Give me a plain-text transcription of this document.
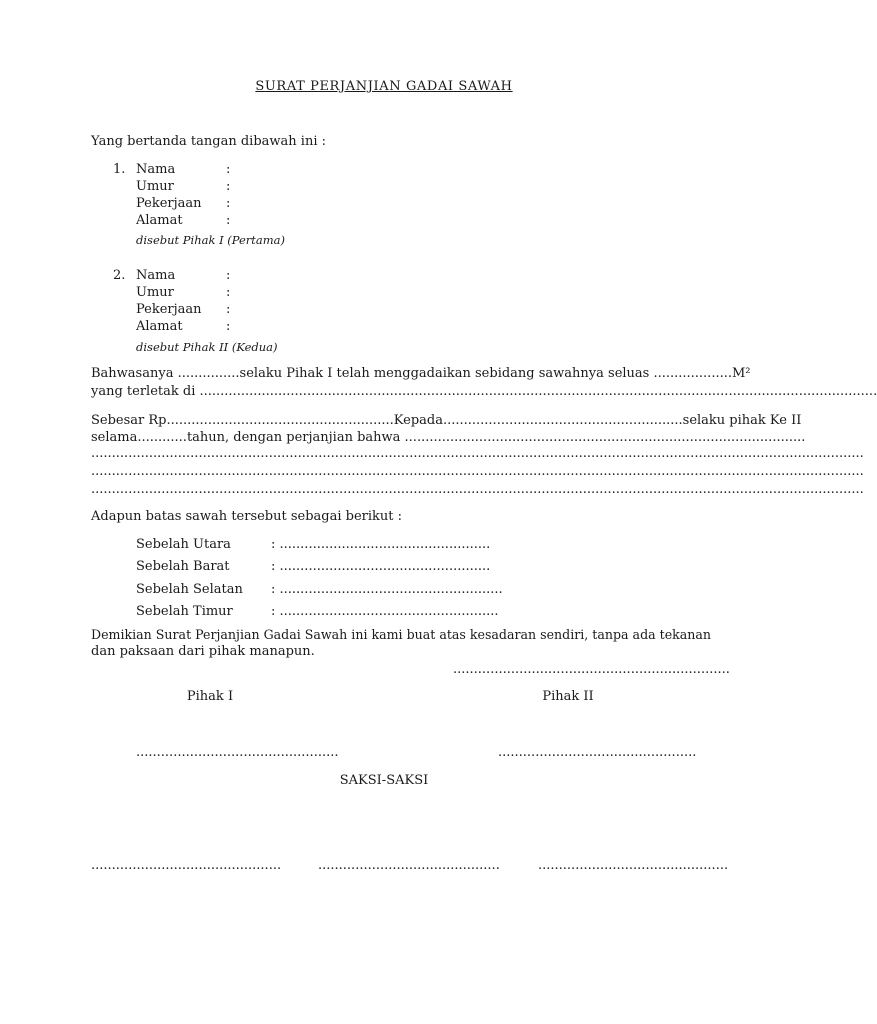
SURAT PERJANJIAN GADAI SAWAH
Yang bertanda tangan dibawah ini :
1. Nama	:
Umur	:
Pekerjaan :
Alamat	:
disebut Pihak I (Pertama)
2. Nama	:
Umur	:
Pekerjaan :
Alamat	:
disebut Pihak II (Kedua)
Bahwasanya ...............selaku Pihak I telah menggadaikan sebidang sawahnya seluas ...................M²
yang terletak di ....................................................................................................................................................................
Sebesar Rp.......................................................Kepada..........................................................selaku pihak Ke II
selama............tahun, dengan perjanjian bahwa .................................................................................................
...........................................................................................................................................................................................
...........................................................................................................................................................................................
...........................................................................................................................................................................................
Adapun batas sawah tersebut sebagai berikut :
Sebelah Utara	: ...................................................
Sebelah Barat	: ...................................................
Sebelah Selatan : ......................................................
Sebelah Timur	: .....................................................
Demikian Surat Perjanjian Gadai Sawah ini kami buat atas kesadaran sendiri, tanpa ada tekanan
dan paksaan dari pihak manapun.
...................................................................
Pihak I	Pihak II
.................................................	................................................
SAKSI-SAKSI
..............................................	............................................	..............................................
